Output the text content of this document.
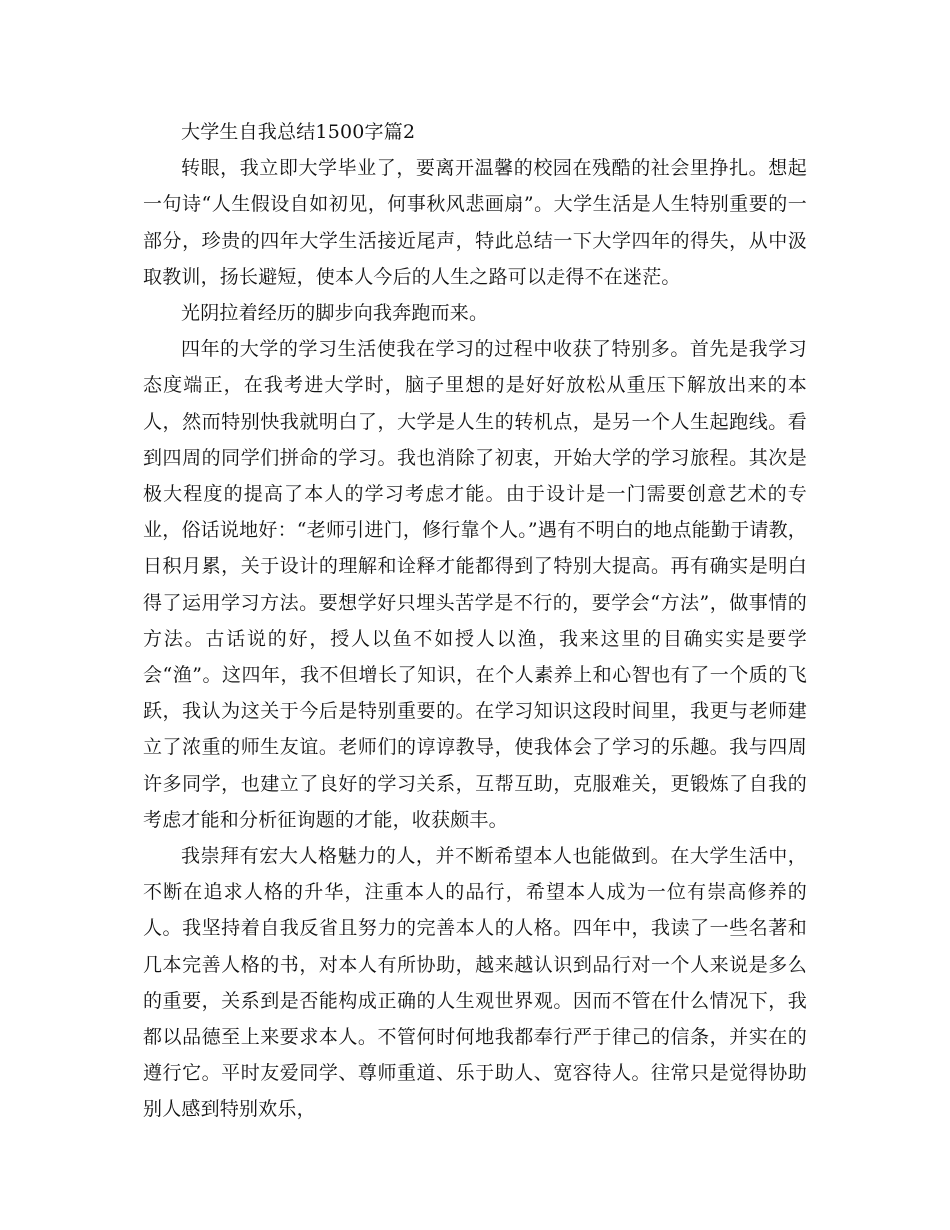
大学生自我总结1500字篇2

转眼，我立即大学毕业了，要离开温馨的校园在残酷的社会里挣扎。想起一句诗“人生假设自如初见，何事秋风悲画扇”。大学生活是人生特别重要的一部分，珍贵的四年大学生活接近尾声，特此总结一下大学四年的得失，从中汲取教训，扬长避短，使本人今后的人生之路可以走得不在迷茫。

光阴拉着经历的脚步向我奔跑而来。

四年的大学的学习生活使我在学习的过程中收获了特别多。首先是我学习态度端正，在我考进大学时，脑子里想的是好好放松从重压下解放出来的本人，然而特别快我就明白了，大学是人生的转机点，是另一个人生起跑线。看到四周的同学们拼命的学习。我也消除了初衷，开始大学的学习旅程。其次是极大程度的提高了本人的学习考虑才能。由于设计是一门需要创意艺术的专业，俗话说地好：“老师引进门，修行靠个人。”遇有不明白的地点能勤于请教，日积月累，关于设计的理解和诠释才能都得到了特别大提高。再有确实是明白得了运用学习方法。要想学好只埋头苦学是不行的，要学会“方法”，做事情的方法。古话说的好，授人以鱼不如授人以渔，我来这里的目确实实是要学会“渔”。这四年，我不但增长了知识，在个人素养上和心智也有了一个质的飞跃，我认为这关于今后是特别重要的。在学习知识这段时间里，我更与老师建立了浓重的师生友谊。老师们的谆谆教导，使我体会了学习的乐趣。我与四周许多同学，也建立了良好的学习关系，互帮互助，克服难关，更锻炼了自我的考虑才能和分析征询题的才能，收获颇丰。

我崇拜有宏大人格魅力的人，并不断希望本人也能做到。在大学生活中，不断在追求人格的升华，注重本人的品行，希望本人成为一位有崇高修养的人。我坚持着自我反省且努力的完善本人的人格。四年中，我读了一些名著和几本完善人格的书，对本人有所协助，越来越认识到品行对一个人来说是多么的重要，关系到是否能构成正确的人生观世界观。因而不管在什么情况下，我都以品德至上来要求本人。不管何时何地我都奉行严于律己的信条，并实在的遵行它。平时友爱同学、尊师重道、乐于助人、宽容待人。往常只是觉得协助别人感到特别欢乐，
